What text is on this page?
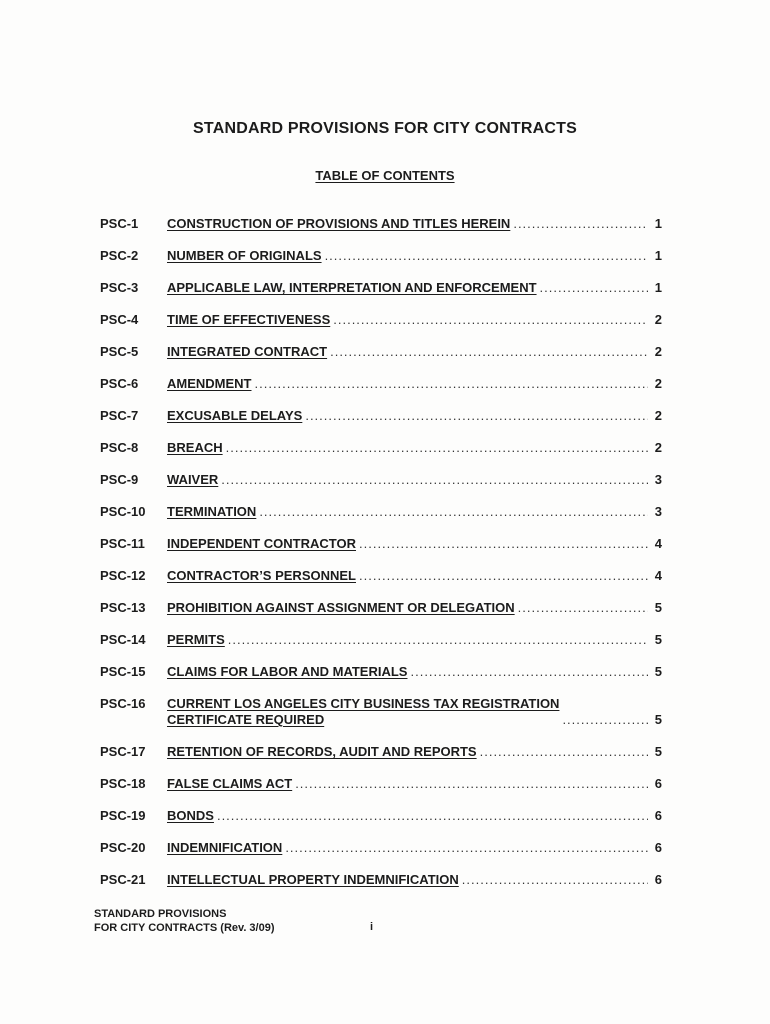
STANDARD PROVISIONS FOR CITY CONTRACTS
TABLE OF CONTENTS
PSC-1	CONSTRUCTION OF PROVISIONS AND TITLES HEREIN .....	1
PSC-2	NUMBER OF ORIGINALS .....	1
PSC-3	APPLICABLE LAW, INTERPRETATION AND ENFORCEMENT .....	1
PSC-4	TIME OF EFFECTIVENESS .....	2
PSC-5	INTEGRATED CONTRACT .....	2
PSC-6	AMENDMENT .....	2
PSC-7	EXCUSABLE DELAYS .....	2
PSC-8	BREACH .....	2
PSC-9	WAIVER .....	3
PSC-10	TERMINATION .....	3
PSC-11	INDEPENDENT CONTRACTOR .....	4
PSC-12	CONTRACTOR’S PERSONNEL .....	4
PSC-13	PROHIBITION AGAINST ASSIGNMENT OR DELEGATION .....	5
PSC-14	PERMITS .....	5
PSC-15	CLAIMS FOR LABOR AND MATERIALS .....	5
PSC-16	CURRENT LOS ANGELES CITY BUSINESS TAX REGISTRATION
CERTIFICATE REQUIRED .....	5
PSC-17	RETENTION OF RECORDS, AUDIT AND REPORTS .....	5
PSC-18	FALSE CLAIMS ACT .....	6
PSC-19	BONDS .....	6
PSC-20	INDEMNIFICATION .....	6
PSC-21	INTELLECTUAL PROPERTY INDEMNIFICATION .....	6
STANDARD PROVISIONS
FOR CITY CONTRACTS (Rev. 3/09)	i
